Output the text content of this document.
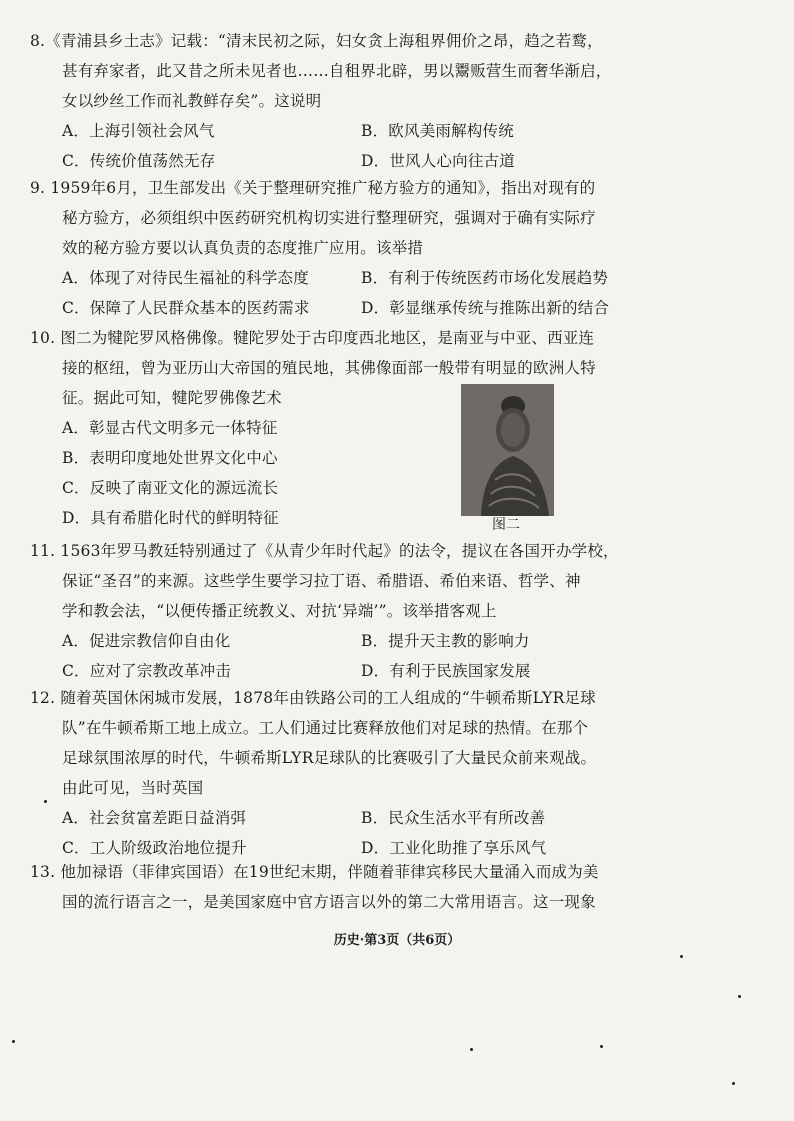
8.《青浦县乡土志》记载：“清末民初之际，妇女贪上海租界佣价之昂，趋之若鹜，
甚有弃家者，此又昔之所未见者也……自租界北辟，男以鬻贩营生而奢华渐启，
女以纱丝工作而礼教鲜存矣”。这说明
A．上海引领社会风气	B．欧风美雨解构传统
C．传统价值荡然无存	D．世风人心向往古道
9. 1959年6月，卫生部发出《关于整理研究推广秘方验方的通知》，指出对现有的
秘方验方，必须组织中医药研究机构切实进行整理研究，强调对于确有实际疗
效的秘方验方要以认真负责的态度推广应用。该举措
A．体现了对待民生福祉的科学态度	B．有利于传统医药市场化发展趋势
C．保障了人民群众基本的医药需求	D．彰显继承传统与推陈出新的结合
10. 图二为犍陀罗风格佛像。犍陀罗处于古印度西北地区，是南亚与中亚、西亚连
接的枢纽，曾为亚历山大帝国的殖民地，其佛像面部一般带有明显的欧洲人特
征。据此可知，犍陀罗佛像艺术
A．彰显古代文明多元一体特征
B．表明印度地处世界文化中心
C．反映了南亚文化的源远流长
D．具有希腊化时代的鲜明特征	图二
11. 1563年罗马教廷特别通过了《从青少年时代起》的法令，提议在各国开办学校，
保证“圣召”的来源。这些学生要学习拉丁语、希腊语、希伯来语、哲学、神
学和教会法，“以便传播正统教义、对抗‘异端’”。该举措客观上
A．促进宗教信仰自由化	B．提升天主教的影响力
C．应对了宗教改革冲击	D．有利于民族国家发展
12. 随着英国休闲城市发展，1878年由铁路公司的工人组成的“牛顿希斯LYR足球
队”在牛顿希斯工地上成立。工人们通过比赛释放他们对足球的热情。在那个
足球氛围浓厚的时代，牛顿希斯LYR足球队的比赛吸引了大量民众前来观战。
由此可见，当时英国
A．社会贫富差距日益消弭	B．民众生活水平有所改善
C．工人阶级政治地位提升	D．工业化助推了享乐风气
13. 他加禄语（菲律宾国语）在19世纪末期，伴随着菲律宾移民大量涌入而成为美
国的流行语言之一，是美国家庭中官方语言以外的第二大常用语言。这一现象
历史·第3页（共6页）
